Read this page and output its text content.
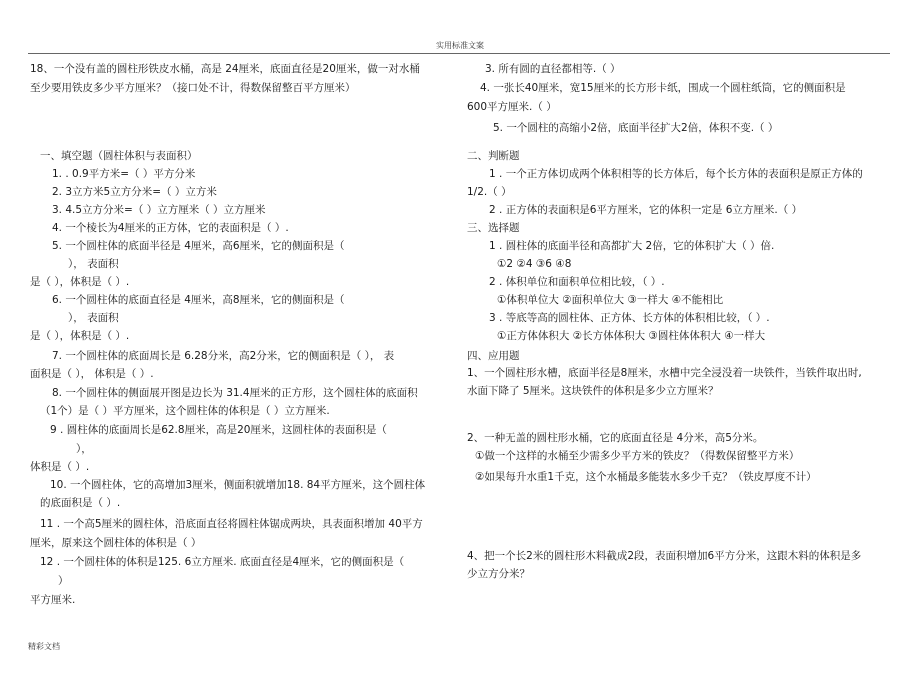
实用标准文案
18、一个没有盖的圆柱形铁皮水桶，高是 24厘米，底面直径是20厘米，做一对水桶
至少要用铁皮多少平方厘米？（接口处不计，得数保留整百平方厘米）
一、填空题（圆柱体积与表面积）
1. . 0.9平方米=（ ）平方分米
2. 3立方米5立方分米=（ ）立方米
3. 4.5立方分米=（ ）立方厘米（ ）立方厘米
4. 一个棱长为4厘米的正方体，它的表面积是（ ）.
5. 一个圆柱体的底面半径是 4厘米，高6厘米，它的侧面积是（
）， 表面积
是（ ），体积是（ ）.
6. 一个圆柱体的底面直径是 4厘米，高8厘米，它的侧面积是（
）， 表面积
是（ ），体积是（ ）.
7. 一个圆柱体的底面周长是 6.28分米，高2分米，它的侧面积是（ ）， 表
面积是（ ）， 体积是（ ）.
8. 一个圆柱体的侧面展开图是边长为 31.4厘米的正方形，这个圆柱体的底面积
（1个）是（ ）平方厘米，这个圆柱体的体积是（ ）立方厘米.
9 . 圆柱体的底面周长是62.8厘米，高是20厘米，这圆柱体的表面积是（
），
体积是（ ）.
10. 一个圆柱体，它的高增加3厘米，侧面积就增加18. 84平方厘米，这个圆柱体
的底面积是（ ）.
11 . 一个高5厘米的圆柱体，沿底面直径将圆柱体锯成两块，具表面积增加 40平方
厘米，原来这个圆柱体的体积是（ ）
12 . 一个圆柱体的体积是125. 6立方厘米. 底面直径是4厘米，它的侧面积是（
）
平方厘米.
3. 所有圆的直径都相等.（ ）
4. 一张长40厘米，宽15厘米的长方形卡纸，围成一个圆柱纸筒，它的侧面积是
600平方厘米.（ ）
5. 一个圆柱的高缩小2倍，底面半径扩大2倍，体积不变.（ ）
二、判断题
1 . 一个正方体切成两个体积相等的长方体后，每个长方体的表面积是原正方体的
1/2.（ ）
2 . 正方体的表面积是6平方厘米，它的体积一定是 6立方厘米.（ ）
三、选择题
1 . 圆柱体的底面半径和高都扩大 2倍，它的体积扩大（ ）倍.
①2 ②4 ③6 ④8
2 . 体积单位和面积单位相比较，（ ）.
①体积单位大 ②面积单位大 ③一样大 ④不能相比
3 . 等底等高的圆柱体、正方体、长方体的体积相比较，（ ）.
①正方体体积大 ②长方体体积大 ③圆柱体体积大 ④一样大
四、应用题
1、一个圆柱形水槽，底面半径是8厘米，水槽中完全浸没着一块铁件，当铁件取出时,
水面下降了 5厘米。这块铁件的体积是多少立方厘米？
2、一种无盖的圆柱形水桶，它的底面直径是 4分米，高5分米。
①做一个这样的水桶至少需多少平方米的铁皮？（得数保留整平方米）
②如果每升水重1千克，这个水桶最多能装水多少千克？（铁皮厚度不计）
4、把一个长2米的圆柱形木料截成2段，表面积增加6平方分米，这跟木料的体积是多
少立方分米？
精彩文档
